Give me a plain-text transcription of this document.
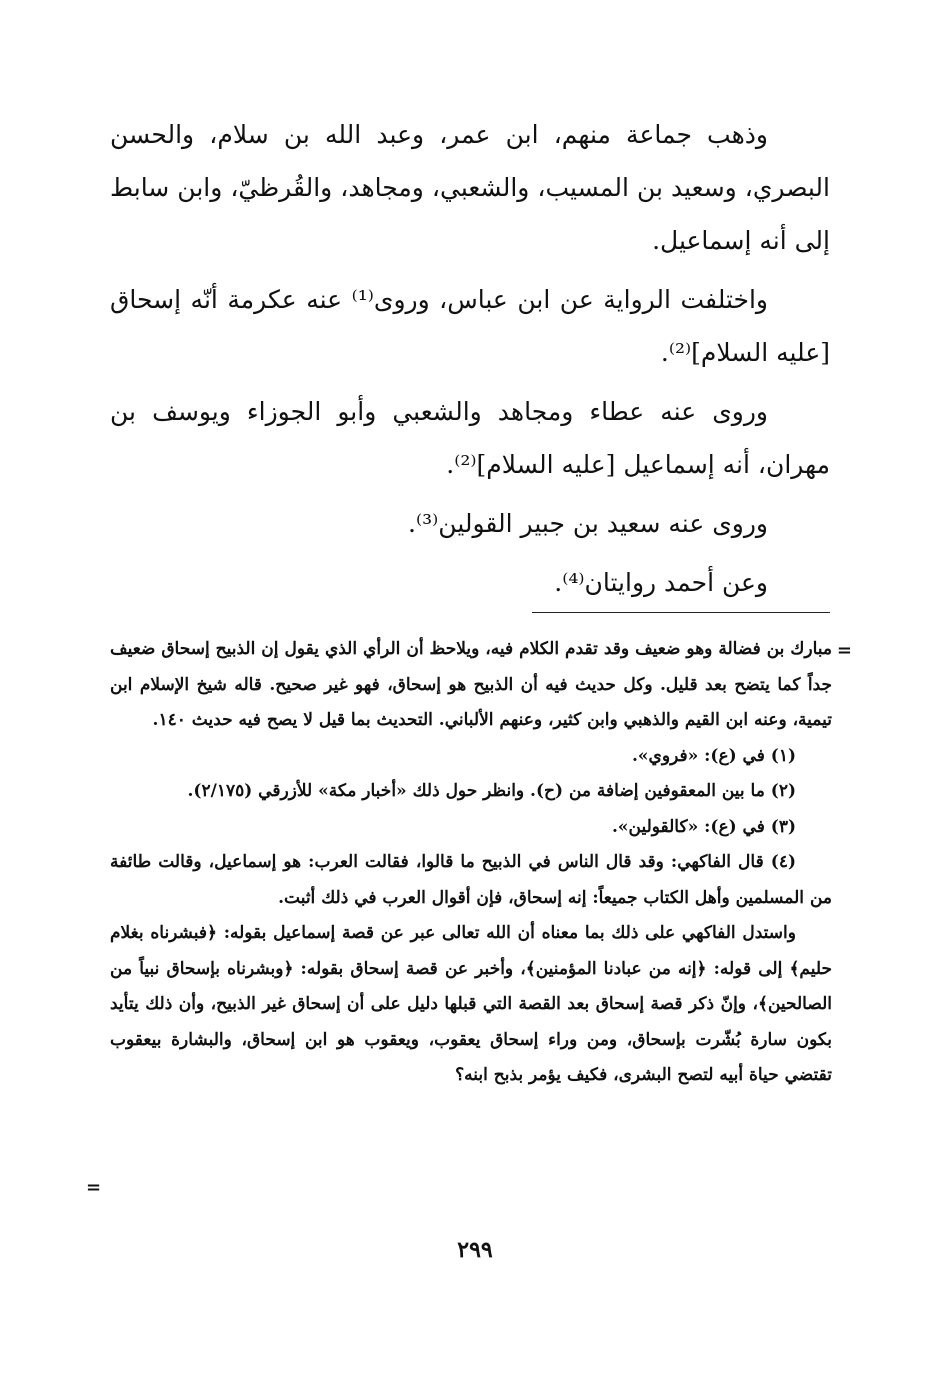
وذهب جماعة منهم، ابن عمر، وعبد الله بن سلام، والحسن البصري، وسعيد بن المسيب، والشعبي، ومجاهد، والقُرظيّ، وابن سابط إلى أنه إسماعيل.

واختلفت الرواية عن ابن عباس، وروى⁽¹⁾ عنه عكرمة أنّه إسحاق [عليه السلام]⁽²⁾.

وروى عنه عطاء ومجاهد والشعبي وأبو الجوزاء ويوسف بن مهران، أنه إسماعيل [عليه السلام]⁽²⁾.

وروى عنه سعيد بن جبير القولين⁽³⁾.

وعن أحمد روايتان⁽⁴⁾.

=

مبارك بن فضالة وهو ضعيف وقد تقدم الكلام فيه، ويلاحظ أن الرأي الذي يقول إن الذبيح إسحاق ضعيف جداً كما يتضح بعد قليل. وكل حديث فيه أن الذبيح هو إسحاق، فهو غير صحيح. قاله شيخ الإسلام ابن تيمية، وعنه ابن القيم والذهبي وابن كثير، وعنهم الألباني. التحديث بما قيل لا يصح فيه حديث ١٤٠.

(١) في (ع): «فروي».

(٢) ما بين المعقوفين إضافة من (ح). وانظر حول ذلك «أخبار مكة» للأزرقي (٢/١٧٥).

(٣) في (ع): «كالقولين».

(٤) قال الفاكهي: وقد قال الناس في الذبيح ما قالوا، فقالت العرب: هو إسماعيل، وقالت طائفة من المسلمين وأهل الكتاب جميعاً: إنه إسحاق، فإن أقوال العرب في ذلك أثبت.

واستدل الفاكهي على ذلك بما معناه أن الله تعالى عبر عن قصة إسماعيل بقوله: ﴿فبشرناه بغلام حليم﴾ إلى قوله: ﴿إنه من عبادنا المؤمنين﴾، وأخبر عن قصة إسحاق بقوله: ﴿وبشرناه بإسحاق نبياً من الصالحين﴾، وإنّ ذكر قصة إسحاق بعد القصة التي قبلها دليل على أن إسحاق غير الذبيح، وأن ذلك يتأيد بكون سارة بُشّرت بإسحاق، ومن وراء إسحاق يعقوب، ويعقوب هو ابن إسحاق، والبشارة بيعقوب تقتضي حياة أبيه لتصح البشرى، فكيف يؤمر بذبح ابنه؟

=
٢٩٩
